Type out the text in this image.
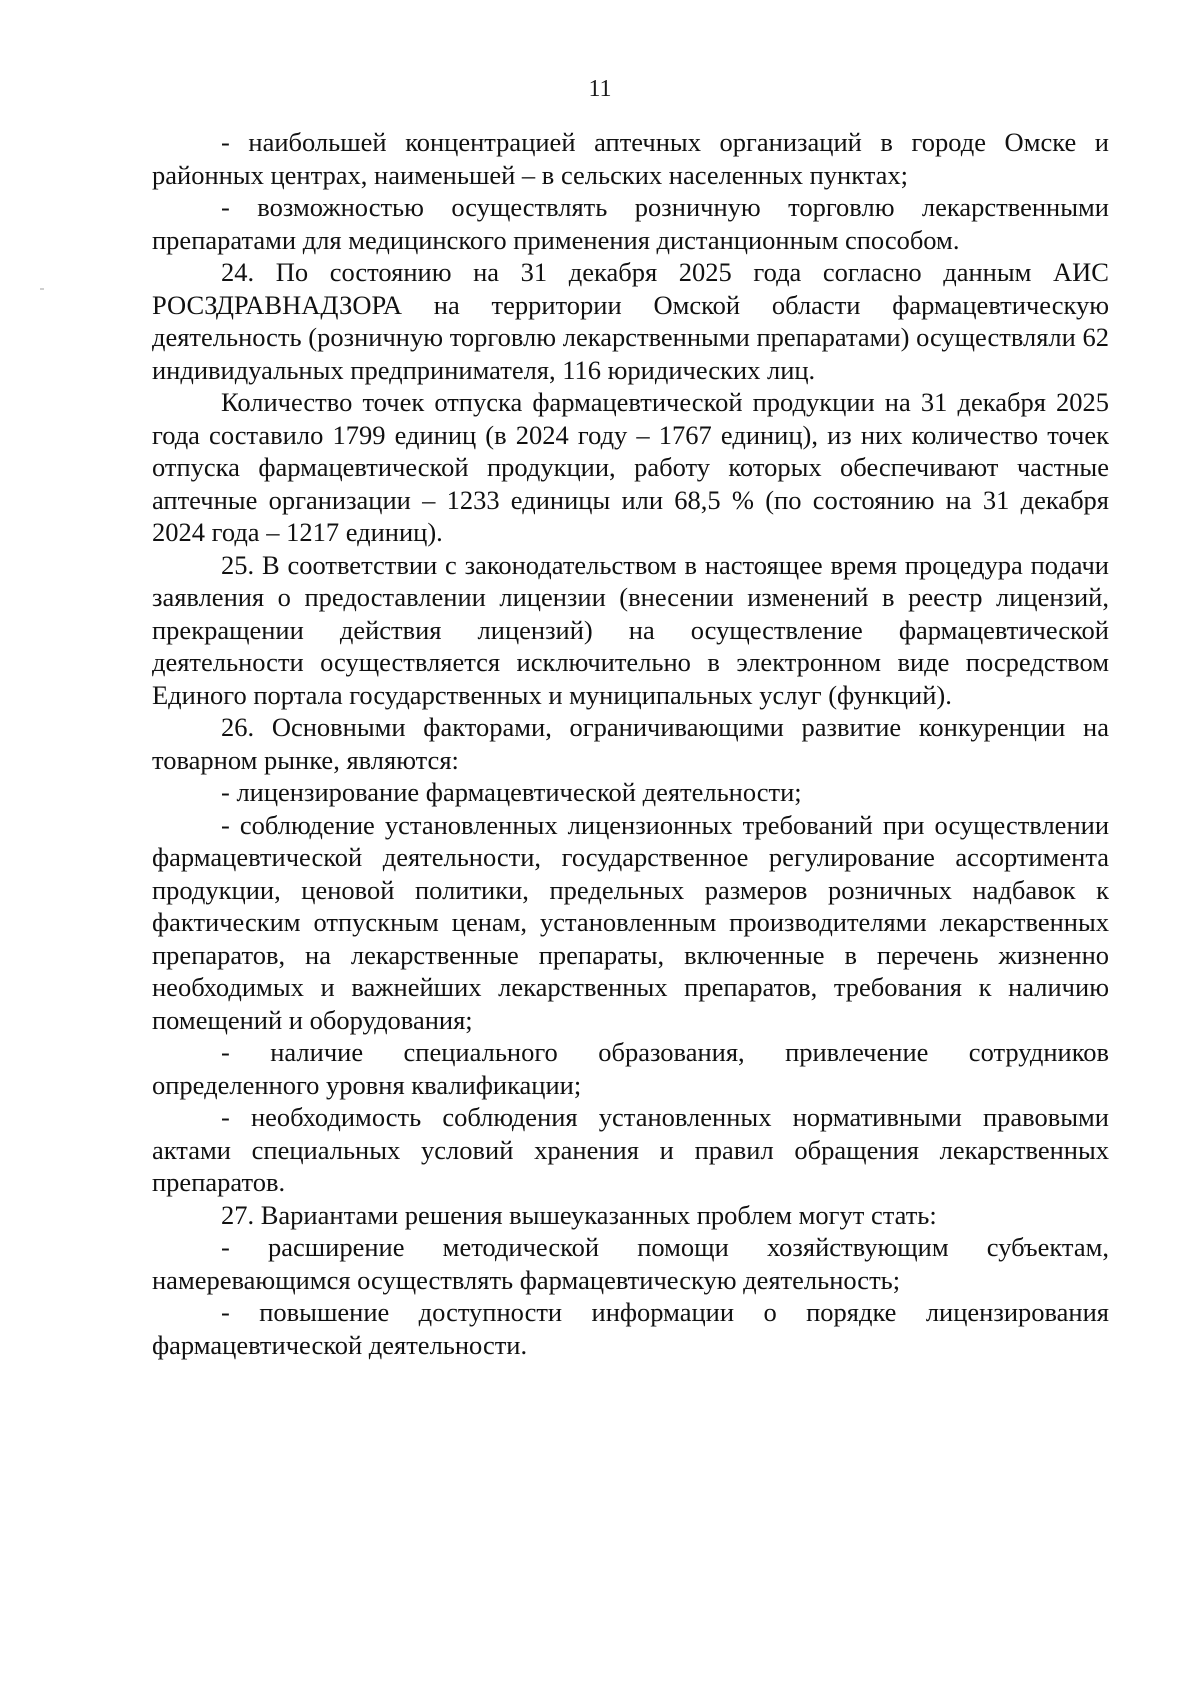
11

- наибольшей концентрацией аптечных организаций в городе Омске и районных центрах, наименьшей – в сельских населенных пунктах;

- возможностью осуществлять розничную торговлю лекарственными препаратами для медицинского применения дистанционным способом.

24. По состоянию на 31 декабря 2025 года согласно данным АИС РОСЗДРАВНАДЗОРА на территории Омской области фармацевтическую деятельность (розничную торговлю лекарственными препаратами) осуществляли 62 индивидуальных предпринимателя, 116 юридических лиц.

Количество точек отпуска фармацевтической продукции на 31 декабря 2025 года составило 1799 единиц (в 2024 году – 1767 единиц), из них количество точек отпуска фармацевтической продукции, работу которых обеспечивают частные аптечные организации – 1233 единицы или 68,5 % (по состоянию на 31 декабря 2024 года – 1217 единиц).

25. В соответствии с законодательством в настоящее время процедура подачи заявления о предоставлении лицензии (внесении изменений в реестр лицензий, прекращении действия лицензий) на осуществление фармацевтической деятельности осуществляется исключительно в электронном виде посредством Единого портала государственных и муниципальных услуг (функций).

26. Основными факторами, ограничивающими развитие конкуренции на товарном рынке, являются:

- лицензирование фармацевтической деятельности;

- соблюдение установленных лицензионных требований при осуществлении фармацевтической деятельности, государственное регулирование ассортимента продукции, ценовой политики, предельных размеров розничных надбавок к фактическим отпускным ценам, установленным производителями лекарственных препаратов, на лекарственные препараты, включенные в перечень жизненно необходимых и важнейших лекарственных препаратов, требования к наличию помещений и оборудования;

- наличие специального образования, привлечение сотрудников определенного уровня квалификации;

- необходимость соблюдения установленных нормативными правовыми актами специальных условий хранения и правил обращения лекарственных препаратов.

27. Вариантами решения вышеуказанных проблем могут стать:

- расширение методической помощи хозяйствующим субъектам, намеревающимся осуществлять фармацевтическую деятельность;

- повышение доступности информации о порядке лицензирования фармацевтической деятельности.
